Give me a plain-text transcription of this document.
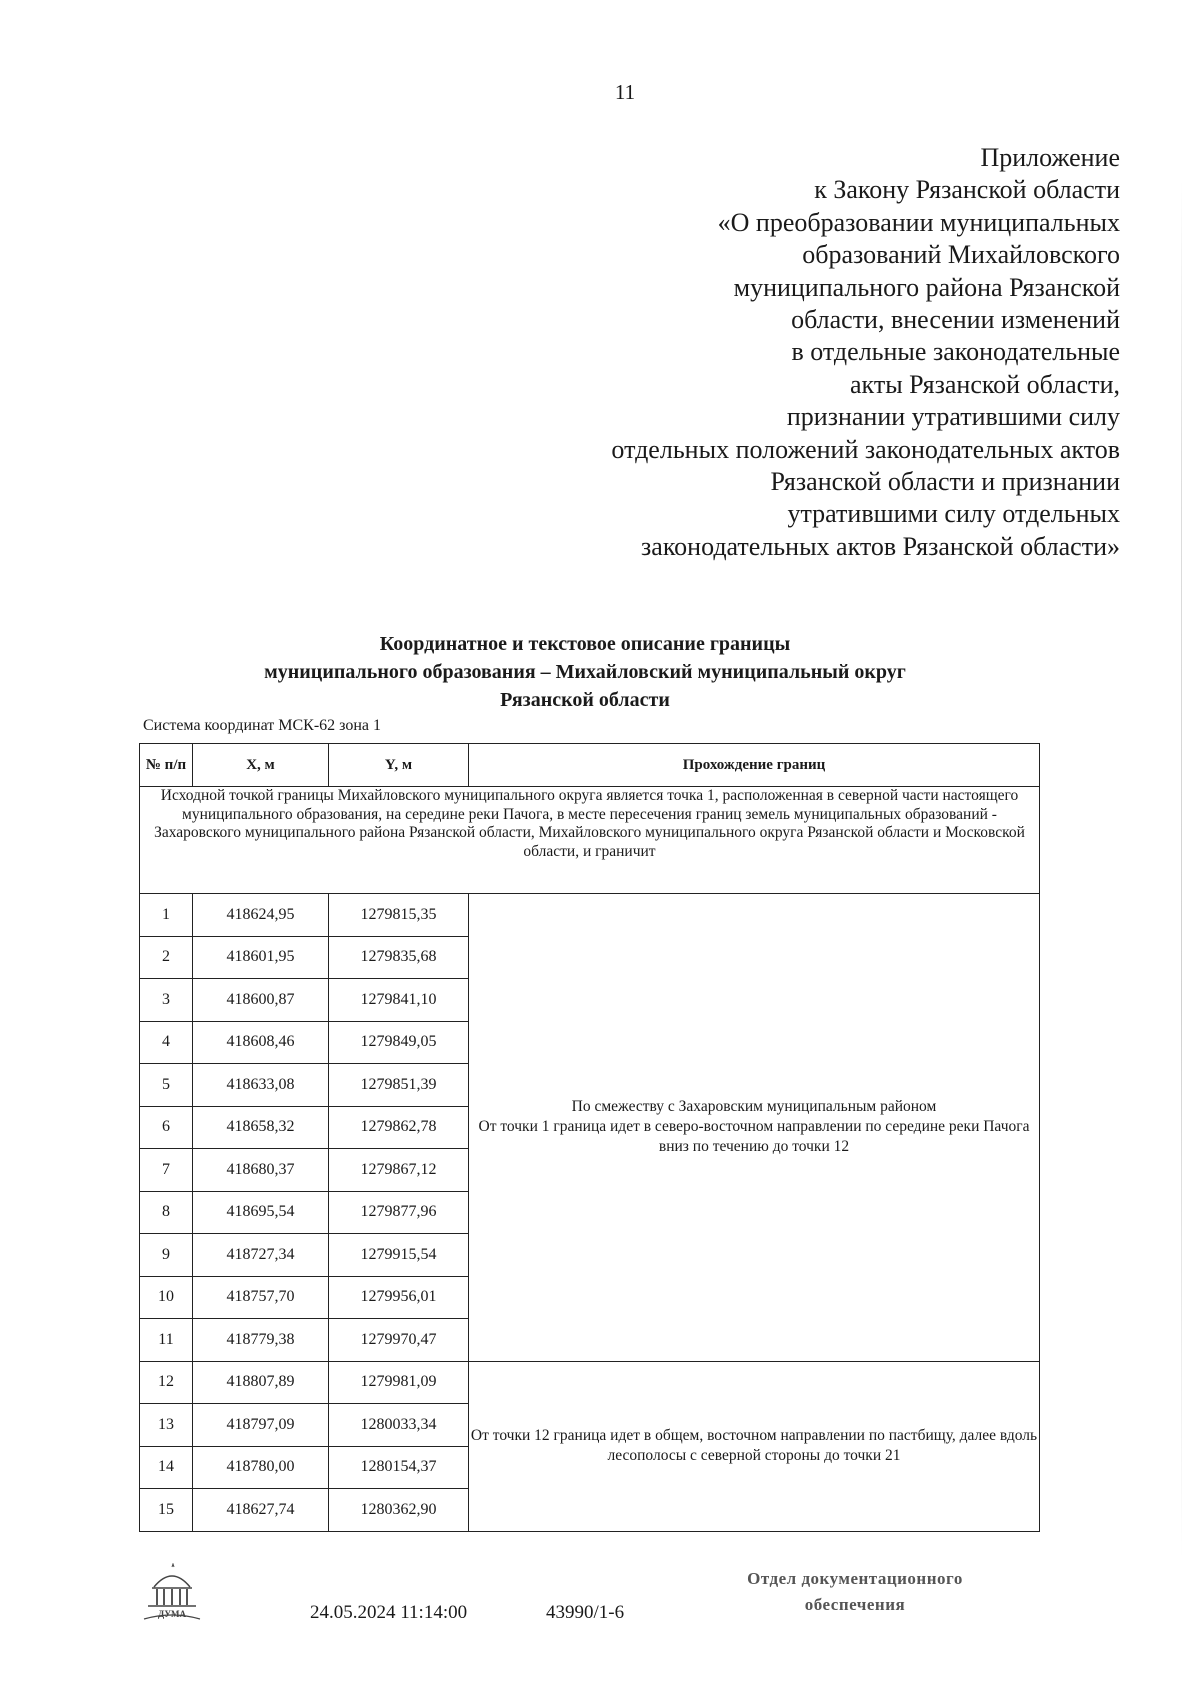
11
Приложение
к Закону Рязанской области
«О преобразовании муниципальных
образований Михайловского
муниципального района Рязанской
области, внесении изменений
в отдельные законодательные
акты Рязанской области,
признании утратившими силу
отдельных положений законодательных актов
Рязанской области и признании
утратившими силу отдельных
законодательных актов Рязанской области»
Координатное и текстовое описание границы
муниципального образования – Михайловский муниципальный округ
Рязанской области
Система координат МСК-62 зона 1
№ п/п	X, м	Y, м	Прохождение границ
Исходной точкой границы Михайловского муниципального округа является точка 1, расположенная в северной части настоящего муниципального образования, на середине реки Пачога, в месте пересечения границ земель муниципальных образований - Захаровского муниципального района Рязанской области, Михайловского муниципального округа Рязанской области и Московской области, и граничит			
1	418624,95	1279815,35	По смежеству с Захаровским муниципальным районом
От точки 1 граница идет в северо-восточном направлении по середине реки Пачога вниз по течению до точки 12

2	418601,95	1279835,68	
3	418600,87	1279841,10	
4	418608,46	1279849,05	
5	418633,08	1279851,39	
6	418658,32	1279862,78	
7	418680,37	1279867,12	
8	418695,54	1279877,96	
9	418727,34	1279915,54	
10	418757,70	1279956,01	
11	418779,38	1279970,47	
12	418807,89	1279981,09	От точки 12 граница идет в общем, восточном направлении по пастбищу, далее вдоль лесополосы с северной стороны до точки 21
13	418797,09	1280033,34	
14	418780,00	1280154,37	
15	418627,74	1280362,90	
ДУМА	24.05.2024 11:14:00	43990/1-6
Отдел документационного
обеспечения
